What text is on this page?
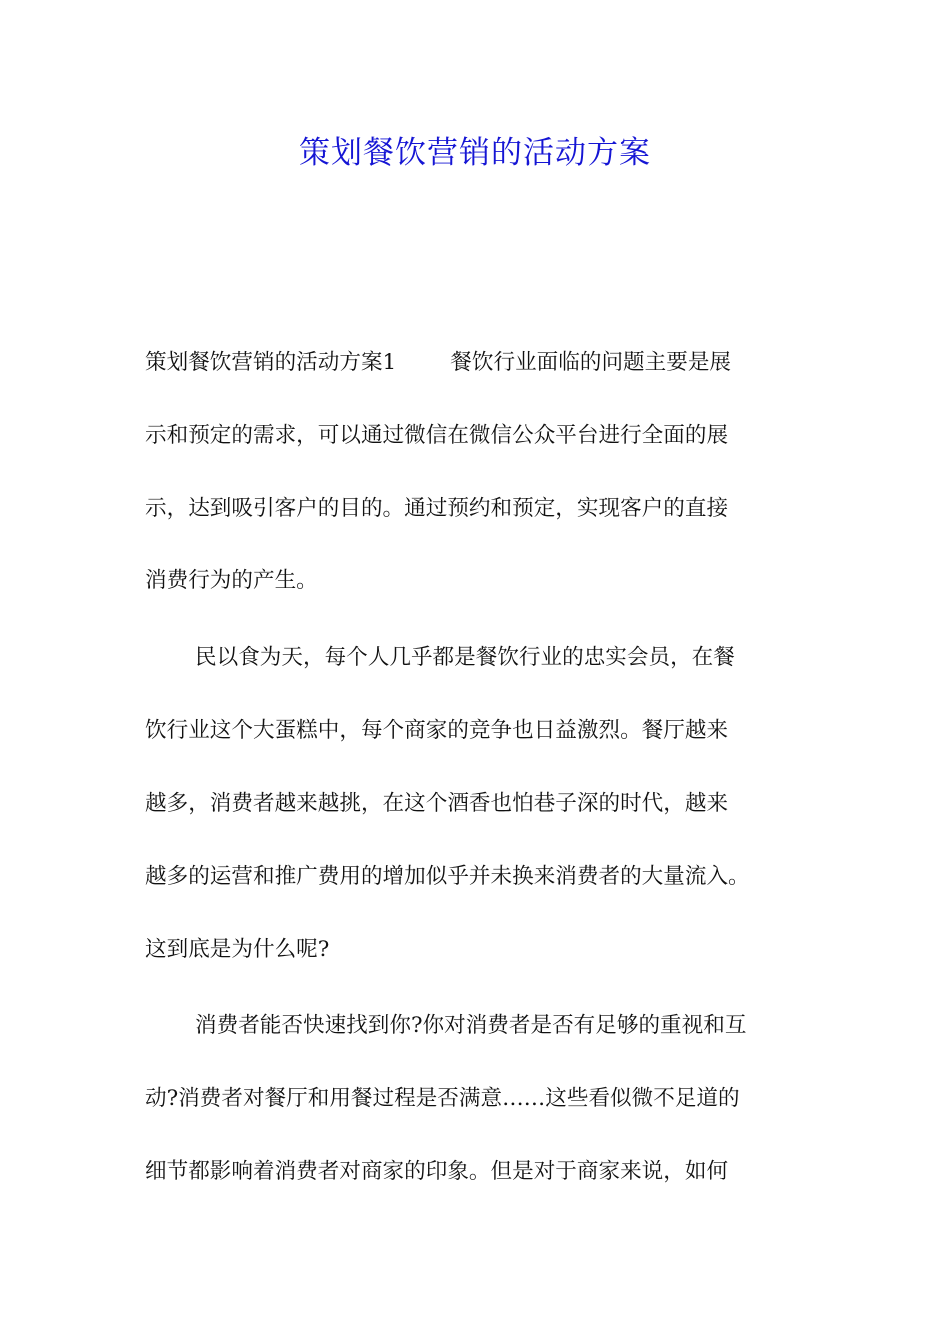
策划餐饮营销的活动方案

策划餐饮营销的活动方案1	餐饮行业面临的问题主要是展

示和预定的需求，可以通过微信在微信公众平台进行全面的展

示，达到吸引客户的目的。通过预约和预定，实现客户的直接

消费行为的产生。

民以食为天，每个人几乎都是餐饮行业的忠实会员，在餐

饮行业这个大蛋糕中，每个商家的竞争也日益激烈。餐厅越来

越多，消费者越来越挑，在这个酒香也怕巷子深的时代，越来

越多的运营和推广费用的增加似乎并未换来消费者的大量流入。

这到底是为什么呢?

消费者能否快速找到你?你对消费者是否有足够的重视和互

动?消费者对餐厅和用餐过程是否满意……这些看似微不足道的

细节都影响着消费者对商家的印象。但是对于商家来说，如何
